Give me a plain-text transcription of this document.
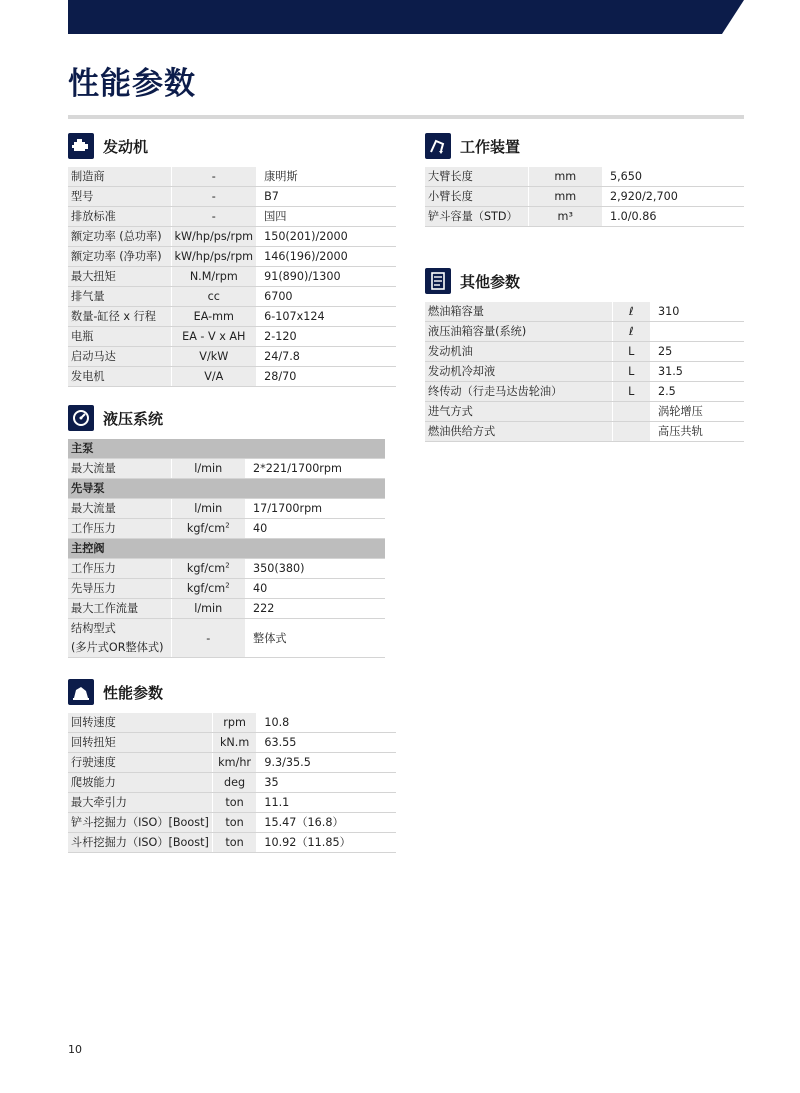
性能参数
发动机
制造商	-	康明斯
型号	-	B7
排放标准	-	国四
额定功率 (总功率)	kW/hp/ps/rpm	150(201)/2000
额定功率 (净功率)	kW/hp/ps/rpm	146(196)/2000
最大扭矩	N.M/rpm	91(890)/1300
排气量	cc	6700
数量-缸径 x 行程	EA-mm	6-107x124
电瓶	EA - V x AH	2-120
启动马达	V/kW	24/7.8
发电机	V/A	28/70
液压系统
主泵		
最大流量	l/min	2*221/1700rpm
先导泵		
最大流量	l/min	17/1700rpm
工作压力	kgf/$cm^2$	40
主控阀		
工作压力	kgf/$cm^2$	350(380)
先导压力	kgf/$cm^2$	40
最大工作流量	l/min	222
结构型式
(多片式OR整体式)	-	整体式
性能参数
回转速度	rpm	10.8
回转扭矩	kN.m	63.55
行驶速度	km/hr	9.3/35.5
爬坡能力	deg	35
最大牵引力	ton	11.1
铲斗挖掘力（ISO）[Boost]	ton	15.47（16.8）
斗杆挖掘力（ISO）[Boost]	ton	10.92（11.85）
工作装置
大臂长度	mm	5,650
小臂长度	mm	2,920/2,700
铲斗容量（STD）	m³	1.0/0.86
其他参数
燃油箱容量	ℓ	310
液压油箱容量(系统)	ℓ	
发动机油	L	25
发动机冷却液	L	31.5
终传动（行走马达齿轮油）	L	2.5
进气方式		涡轮增压
燃油供给方式		高压共轨
10
